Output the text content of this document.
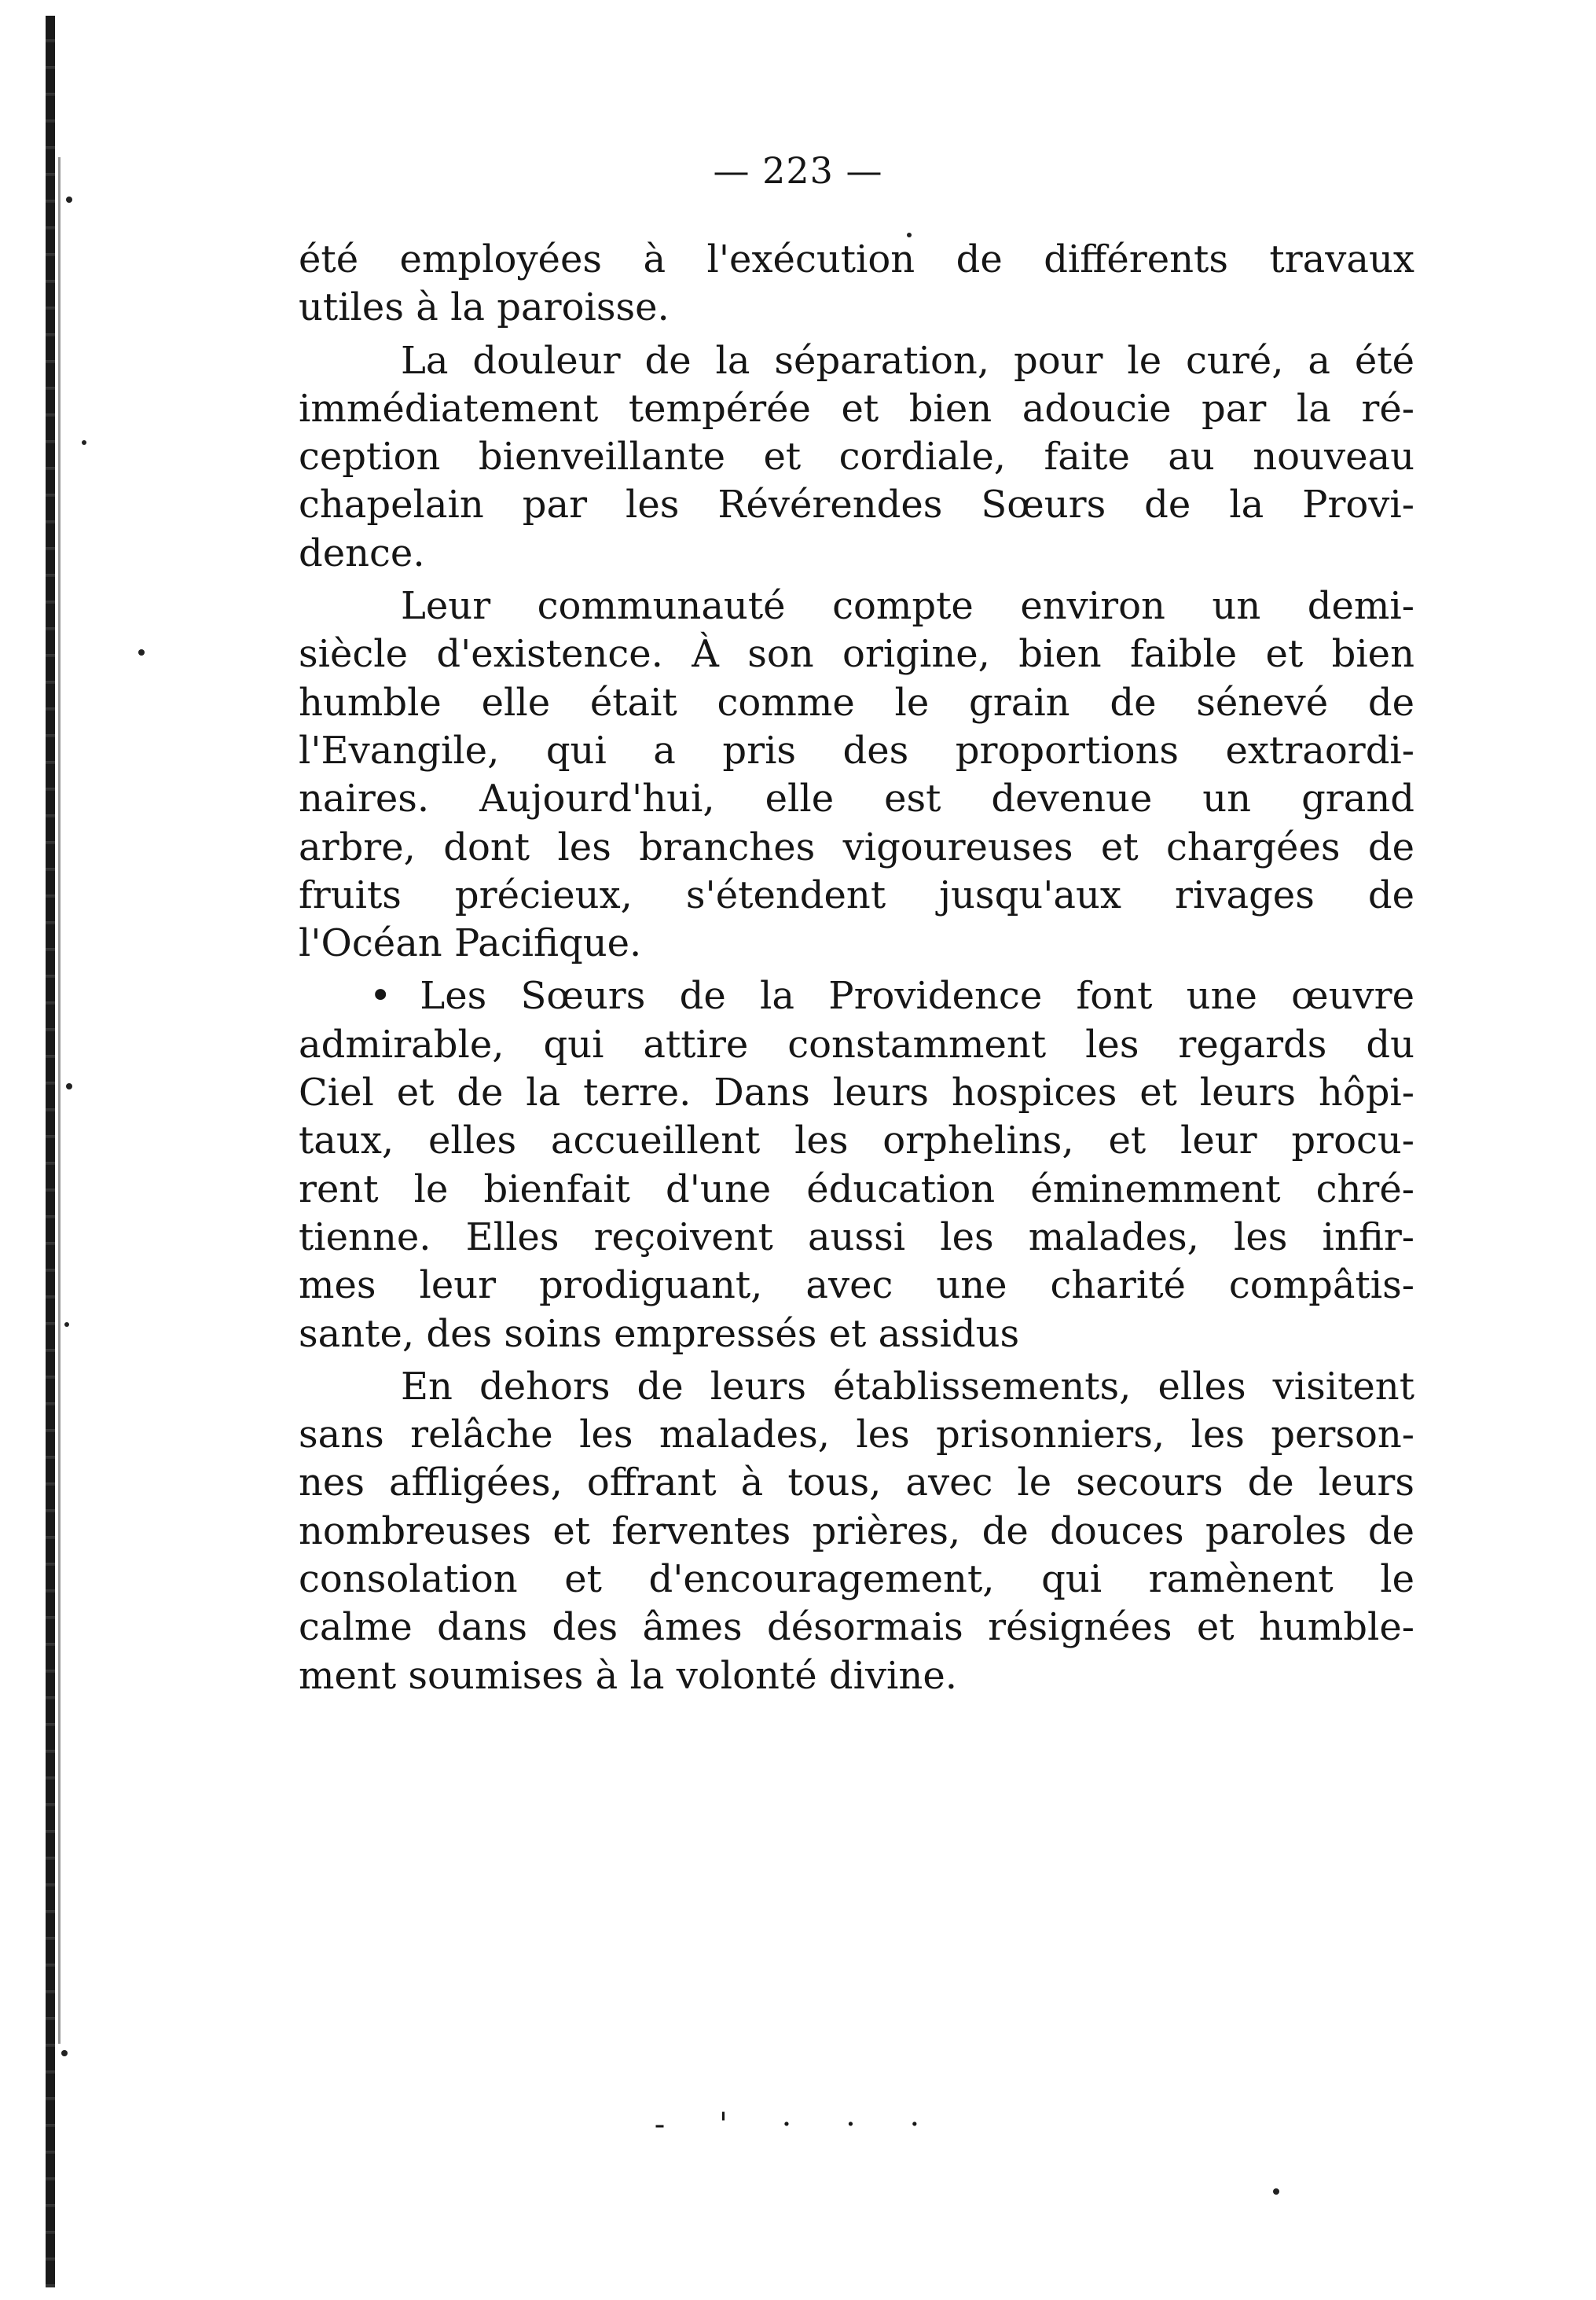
— 223 —
été employées à l'exécution de différents travaux
utiles à la paroisse.
La douleur de la séparation, pour le curé, a été
immédiatement tempérée et bien adoucie par la ré-
ception bienveillante et cordiale, faite au nouveau
chapelain par les Révérendes Sœurs de la Provi-
dence.
Leur communauté compte environ un demi-
siècle d'existence. À son origine, bien faible et bien
humble elle était comme le grain de sénevé de
l'Evangile, qui a pris des proportions extraordi-
naires. Aujourd'hui, elle est devenue un grand
arbre, dont les branches vigoureuses et chargées de
fruits précieux, s'étendent jusqu'aux rivages de
l'Océan Pacifique.
• Les Sœurs de la Providence font une œuvre
admirable, qui attire constamment les regards du
Ciel et de la terre. Dans leurs hospices et leurs hôpi-
taux, elles accueillent les orphelins, et leur procu-
rent le bienfait d'une éducation éminemment chré-
tienne. Elles reçoivent aussi les malades, les infir-
mes leur prodiguant, avec une charité compâtis-
sante, des soins empressés et assidus
En dehors de leurs établissements, elles visitent
sans relâche les malades, les prisonniers, les person-
nes affligées, offrant à tous, avec le secours de leurs
nombreuses et ferventes prières, de douces paroles de
consolation et d'encouragement, qui ramènent le
calme dans des âmes désormais résignées et humble-
ment soumises à la volonté divine.
- ' · · ·
